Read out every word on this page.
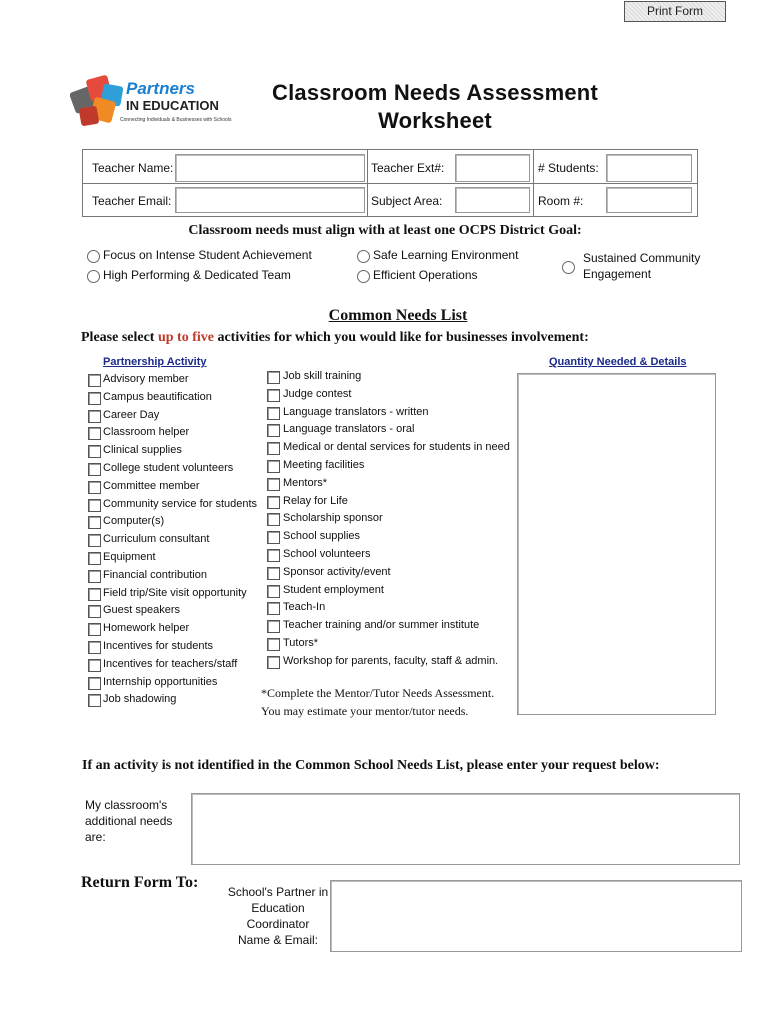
Print Form
Partners
IN EDUCATION
Connecting Individuals & Businesses with Schools
Classroom Needs Assessment
Worksheet
Teacher Name:	Teacher Ext#:	# Students:
Teacher Email:	Subject Area:	Room #:
Classroom needs must align with at least one OCPS District Goal:
Focus on Intense Student Achievement
High Performing & Dedicated Team
Safe Learning Environment
Efficient Operations
Sustained Community
Engagement
Common Needs List
Please select up to five activities for which you would like for businesses involvement:
Partnership Activity	Quantity Needed & Details
Advisory member
Campus beautification
Career Day
Classroom helper
Clinical supplies
College student volunteers
Committee member
Community service for students
Computer(s)
Curriculum consultant
Equipment
Financial contribution
Field trip/Site visit opportunity
Guest speakers
Homework helper
Incentives for students
Incentives for teachers/staff
Internship opportunities
Job shadowing
Job skill training
Judge contest
Language translators - written
Language translators - oral
Medical or dental services for students in need
Meeting facilities
Mentors*
Relay for Life
Scholarship sponsor
School supplies
School volunteers
Sponsor activity/event
Student employment
Teach-In
Teacher training and/or summer institute
Tutors*
Workshop for parents, faculty, staff & admin.
*Complete the Mentor/Tutor Needs Assessment.
You may estimate your mentor/tutor needs.
If an activity is not identified in the Common School Needs List, please enter your request below:
My classroom's
additional needs
are:
Return Form To:
School's Partner in
Education
Coordinator
Name & Email:
